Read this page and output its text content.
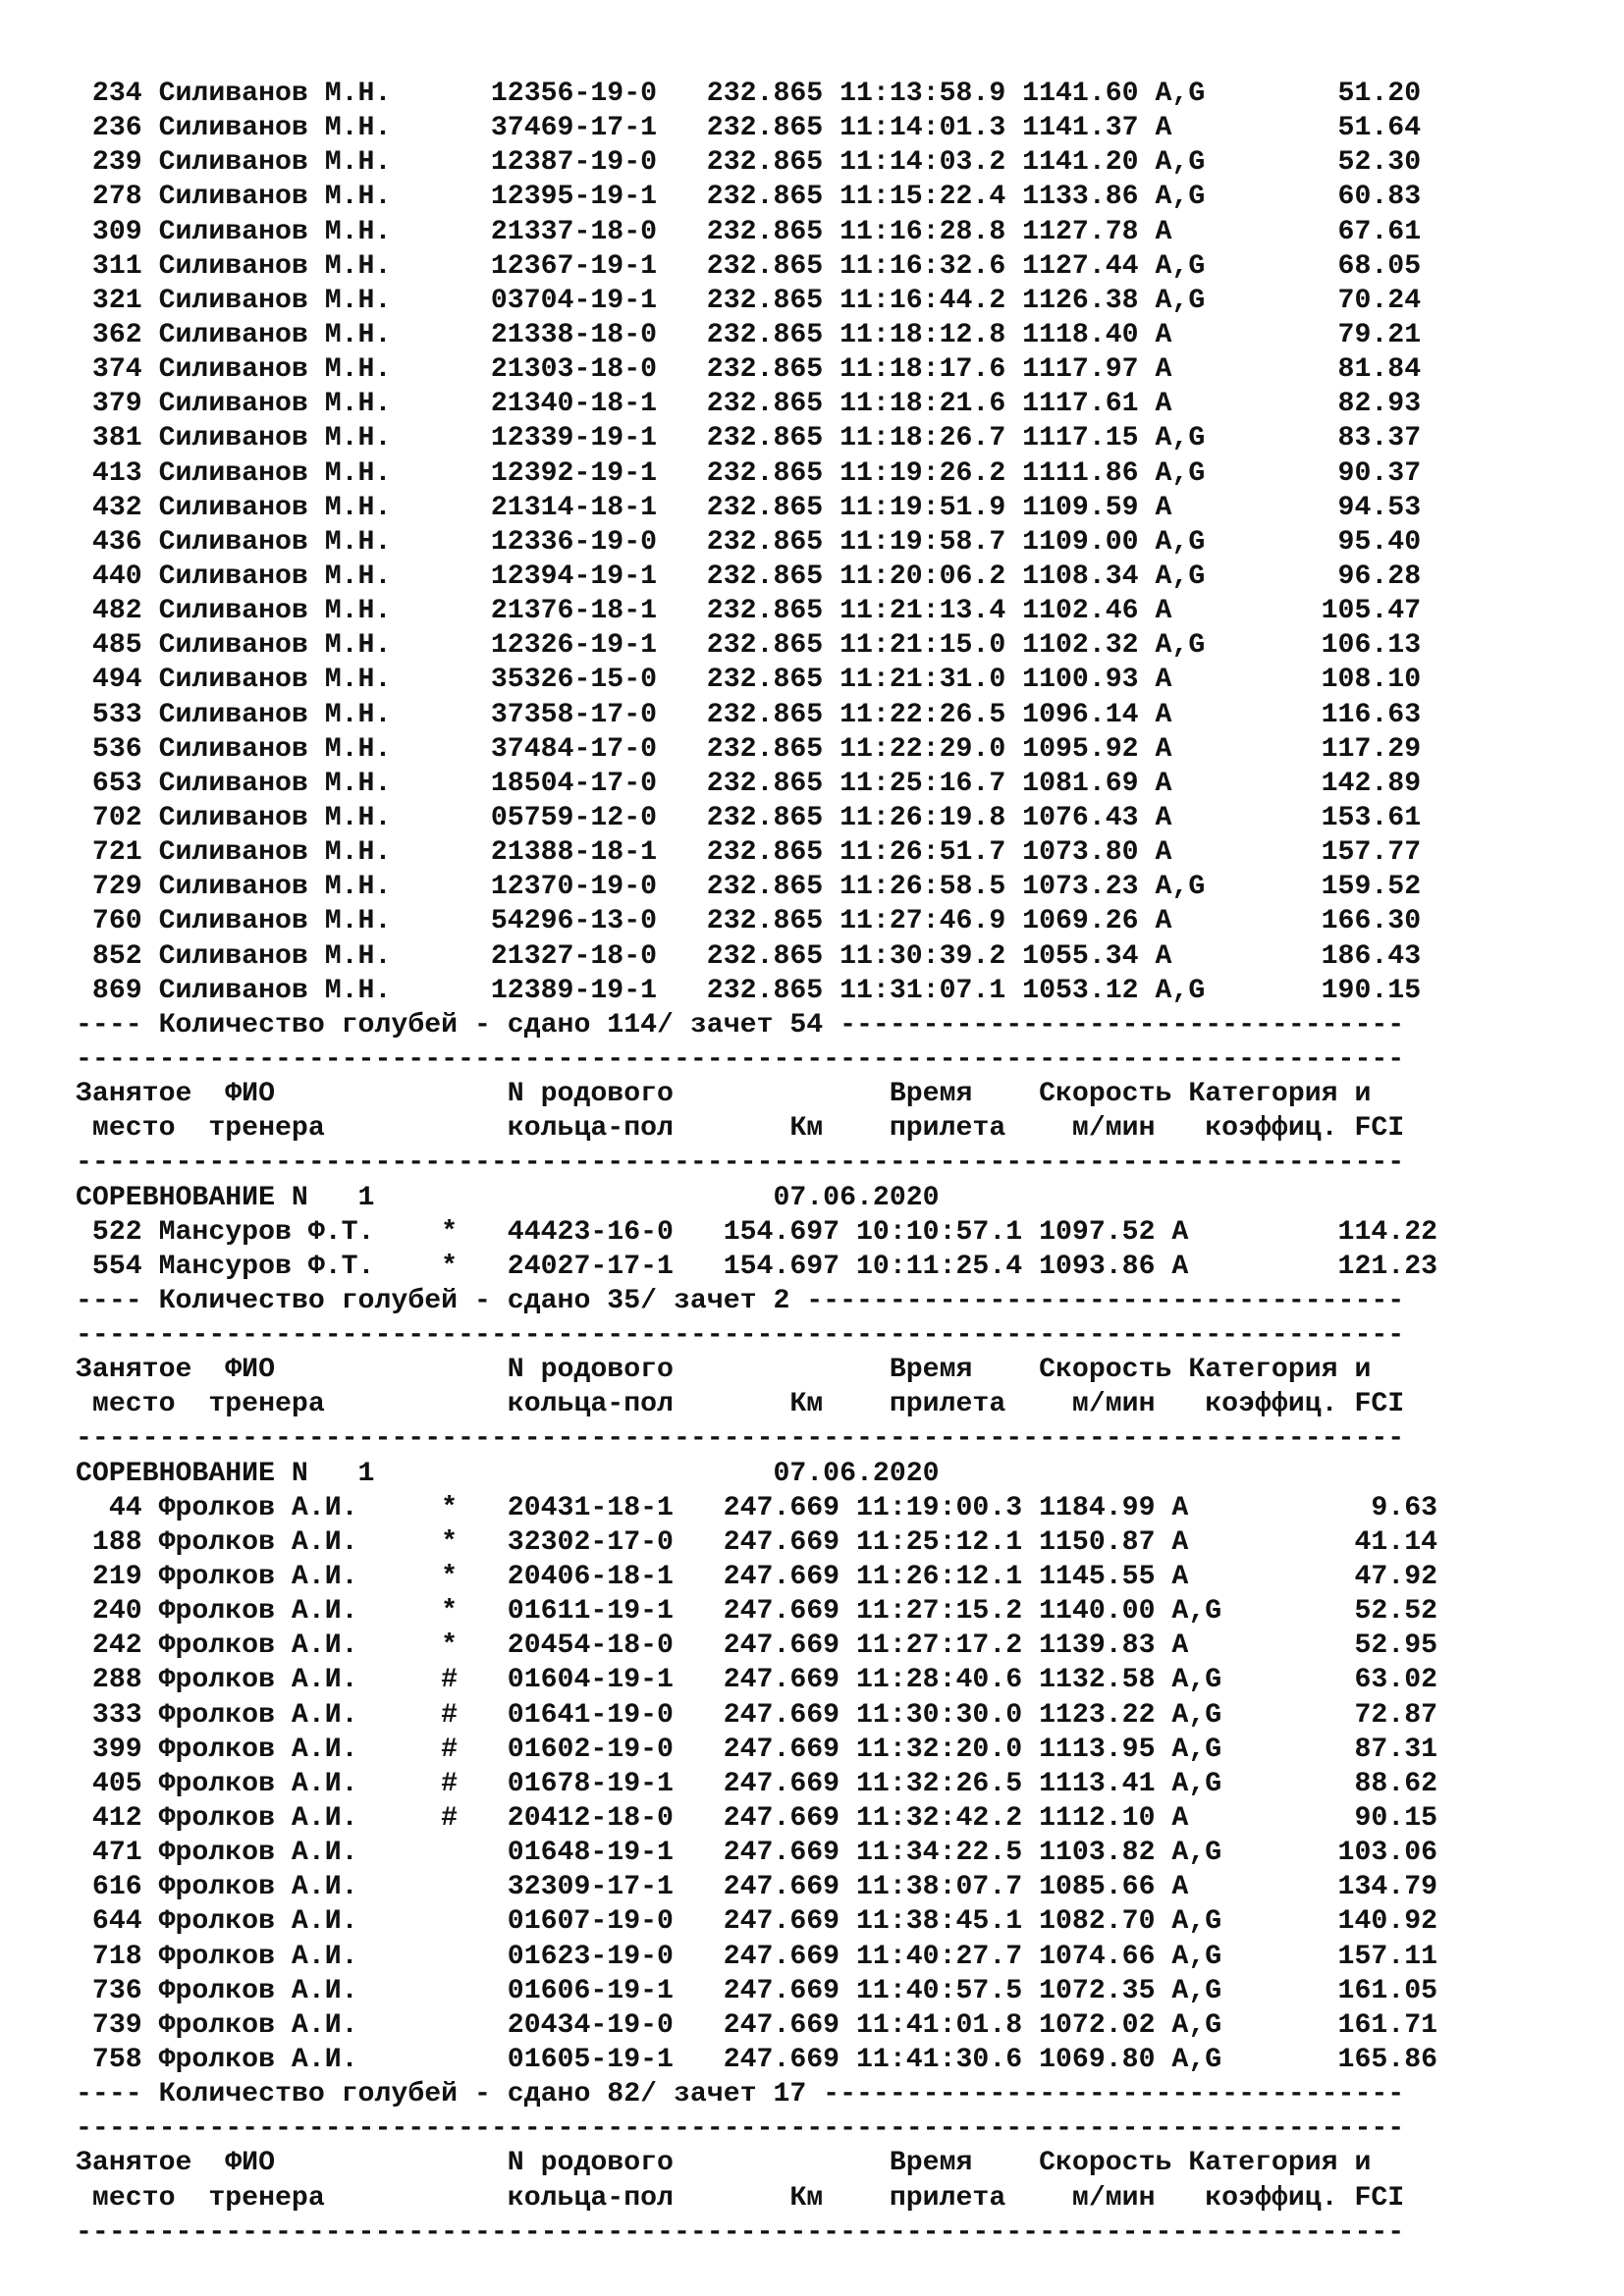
234 Силиванов М.Н.      12356-19-0   232.865 11:13:58.9 1141.60 A,G        51.20
236 Силиванов М.Н.      37469-17-1   232.865 11:14:01.3 1141.37 A          51.64
239 Силиванов М.Н.      12387-19-0   232.865 11:14:03.2 1141.20 A,G        52.30
278 Силиванов М.Н.      12395-19-1   232.865 11:15:22.4 1133.86 A,G        60.83
309 Силиванов М.Н.      21337-18-0   232.865 11:16:28.8 1127.78 A          67.61
311 Силиванов М.Н.      12367-19-1   232.865 11:16:32.6 1127.44 A,G        68.05
321 Силиванов М.Н.      03704-19-1   232.865 11:16:44.2 1126.38 A,G        70.24
362 Силиванов М.Н.      21338-18-0   232.865 11:18:12.8 1118.40 A          79.21
374 Силиванов М.Н.      21303-18-0   232.865 11:18:17.6 1117.97 A          81.84
379 Силиванов М.Н.      21340-18-1   232.865 11:18:21.6 1117.61 A          82.93
381 Силиванов М.Н.      12339-19-1   232.865 11:18:26.7 1117.15 A,G        83.37
413 Силиванов М.Н.      12392-19-1   232.865 11:19:26.2 1111.86 A,G        90.37
432 Силиванов М.Н.      21314-18-1   232.865 11:19:51.9 1109.59 A          94.53
436 Силиванов М.Н.      12336-19-0   232.865 11:19:58.7 1109.00 A,G        95.40
440 Силиванов М.Н.      12394-19-1   232.865 11:20:06.2 1108.34 A,G        96.28
482 Силиванов М.Н.      21376-18-1   232.865 11:21:13.4 1102.46 A         105.47
485 Силиванов М.Н.      12326-19-1   232.865 11:21:15.0 1102.32 A,G       106.13
494 Силиванов М.Н.      35326-15-0   232.865 11:21:31.0 1100.93 A         108.10
533 Силиванов М.Н.      37358-17-0   232.865 11:22:26.5 1096.14 A         116.63
536 Силиванов М.Н.      37484-17-0   232.865 11:22:29.0 1095.92 A         117.29
653 Силиванов М.Н.      18504-17-0   232.865 11:25:16.7 1081.69 A         142.89
702 Силиванов М.Н.      05759-12-0   232.865 11:26:19.8 1076.43 A         153.61
721 Силиванов М.Н.      21388-18-1   232.865 11:26:51.7 1073.80 A         157.77
729 Силиванов М.Н.      12370-19-0   232.865 11:26:58.5 1073.23 A,G       159.52
760 Силиванов М.Н.      54296-13-0   232.865 11:27:46.9 1069.26 A         166.30
852 Силиванов М.Н.      21327-18-0   232.865 11:30:39.2 1055.34 A         186.43
869 Силиванов М.Н.      12389-19-1   232.865 11:31:07.1 1053.12 A,G       190.15
---- Количество голубей - сдано 114/ зачет 54 ----------------------------------
--------------------------------------------------------------------------------
Занятое  ФИО              N родового             Время    Скорость Категория и
место  тренера           кольца-пол       Км    прилета    м/мин   коэффиц. FCI
--------------------------------------------------------------------------------
СОРЕВНОВАНИЕ N   1                        07.06.2020
522 Мансуров Ф.Т.    *   44423-16-0   154.697 10:10:57.1 1097.52 A         114.22
554 Мансуров Ф.Т.    *   24027-17-1   154.697 10:11:25.4 1093.86 A         121.23
---- Количество голубей - сдано 35/ зачет 2 ------------------------------------
--------------------------------------------------------------------------------
Занятое  ФИО              N родового             Время    Скорость Категория и
место  тренера           кольца-пол       Км    прилета    м/мин   коэффиц. FCI
--------------------------------------------------------------------------------
СОРЕВНОВАНИЕ N   1                        07.06.2020
44 Фролков А.И.     *   20431-18-1   247.669 11:19:00.3 1184.99 A           9.63
188 Фролков А.И.     *   32302-17-0   247.669 11:25:12.1 1150.87 A          41.14
219 Фролков А.И.     *   20406-18-1   247.669 11:26:12.1 1145.55 A          47.92
240 Фролков А.И.     *   01611-19-1   247.669 11:27:15.2 1140.00 A,G        52.52
242 Фролков А.И.     *   20454-18-0   247.669 11:27:17.2 1139.83 A          52.95
288 Фролков А.И.     #   01604-19-1   247.669 11:28:40.6 1132.58 A,G        63.02
333 Фролков А.И.     #   01641-19-0   247.669 11:30:30.0 1123.22 A,G        72.87
399 Фролков А.И.     #   01602-19-0   247.669 11:32:20.0 1113.95 A,G        87.31
405 Фролков А.И.     #   01678-19-1   247.669 11:32:26.5 1113.41 A,G        88.62
412 Фролков А.И.     #   20412-18-0   247.669 11:32:42.2 1112.10 A          90.15
471 Фролков А.И.         01648-19-1   247.669 11:34:22.5 1103.82 A,G       103.06
616 Фролков А.И.         32309-17-1   247.669 11:38:07.7 1085.66 A         134.79
644 Фролков А.И.         01607-19-0   247.669 11:38:45.1 1082.70 A,G       140.92
718 Фролков А.И.         01623-19-0   247.669 11:40:27.7 1074.66 A,G       157.11
736 Фролков А.И.         01606-19-1   247.669 11:40:57.5 1072.35 A,G       161.05
739 Фролков А.И.         20434-19-0   247.669 11:41:01.8 1072.02 A,G       161.71
758 Фролков А.И.         01605-19-1   247.669 11:41:30.6 1069.80 A,G       165.86
---- Количество голубей - сдано 82/ зачет 17 -----------------------------------
--------------------------------------------------------------------------------
Занятое  ФИО              N родового             Время    Скорость Категория и
место  тренера           кольца-пол       Км    прилета    м/мин   коэффиц. FCI
--------------------------------------------------------------------------------
